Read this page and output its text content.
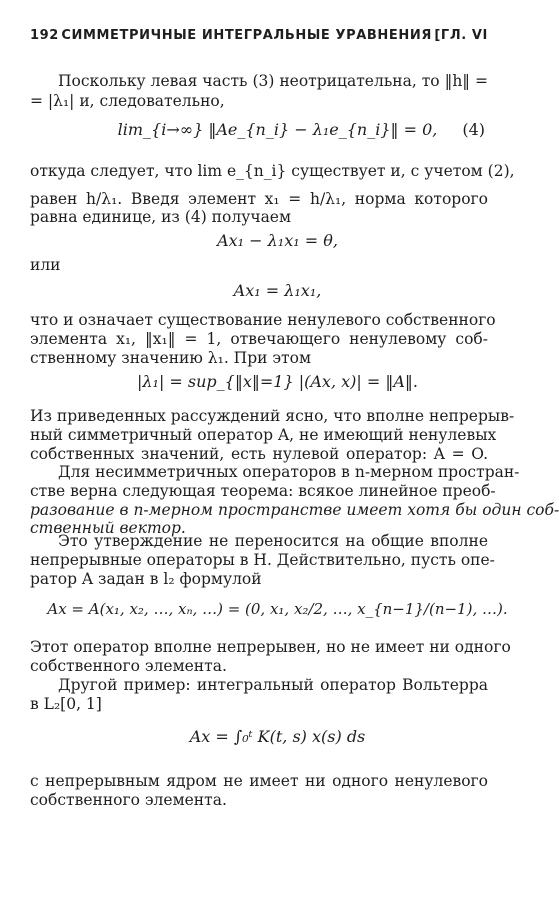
192 СИММЕТРИЧНЫЕ ИНТЕГРАЛЬНЫЕ УРАВНЕНИЯ [ГЛ. VI
Поскольку левая часть (3) неотрицательна, то ‖h‖ =
= |λ₁| и, следовательно,
lim_{i→∞} ‖Ae_{n_i} − λ₁e_{n_i}‖ = 0,	(4)
откуда следует, что lim e_{n_i} существует и, с учетом (2),
равен h/λ₁. Введя элемент x₁ = h/λ₁, норма которого
равна единице, из (4) получаем
Ax₁ − λ₁x₁ = θ,
или
Ax₁ = λ₁x₁,
что и означает существование ненулевого собственного
элемента x₁, ‖x₁‖ = 1, отвечающего ненулевому соб-
ственному значению λ₁. При этом
|λ₁| = sup_{‖x‖=1} |(Ax, x)| = ‖A‖.
Из приведенных рассуждений ясно, что вполне непрерыв-
ный симметричный оператор A, не имеющий ненулевых
собственных значений, есть нулевой оператор: A = O.
Для несимметричных операторов в n-мерном простран-
стве верна следующая теорема: всякое линейное преоб-
разование в n-мерном пространстве имеет хотя бы один соб-
ственный вектор.
Это утверждение не переносится на общие вполне
непрерывные операторы в H. Действительно, пусть опе-
ратор A задан в l₂ формулой
Ax = A(x₁, x₂, …, xₙ, …) = (0, x₁, x₂/2, …, x_{n−1}/(n−1), …).
Этот оператор вполне непрерывен, но не имеет ни одного
собственного элемента.
Другой пример: интегральный оператор Вольтерра
в L₂[0, 1]
Ax = ∫₀ᵗ K(t, s) x(s) ds
с непрерывным ядром не имеет ни одного ненулевого
собственного элемента.
